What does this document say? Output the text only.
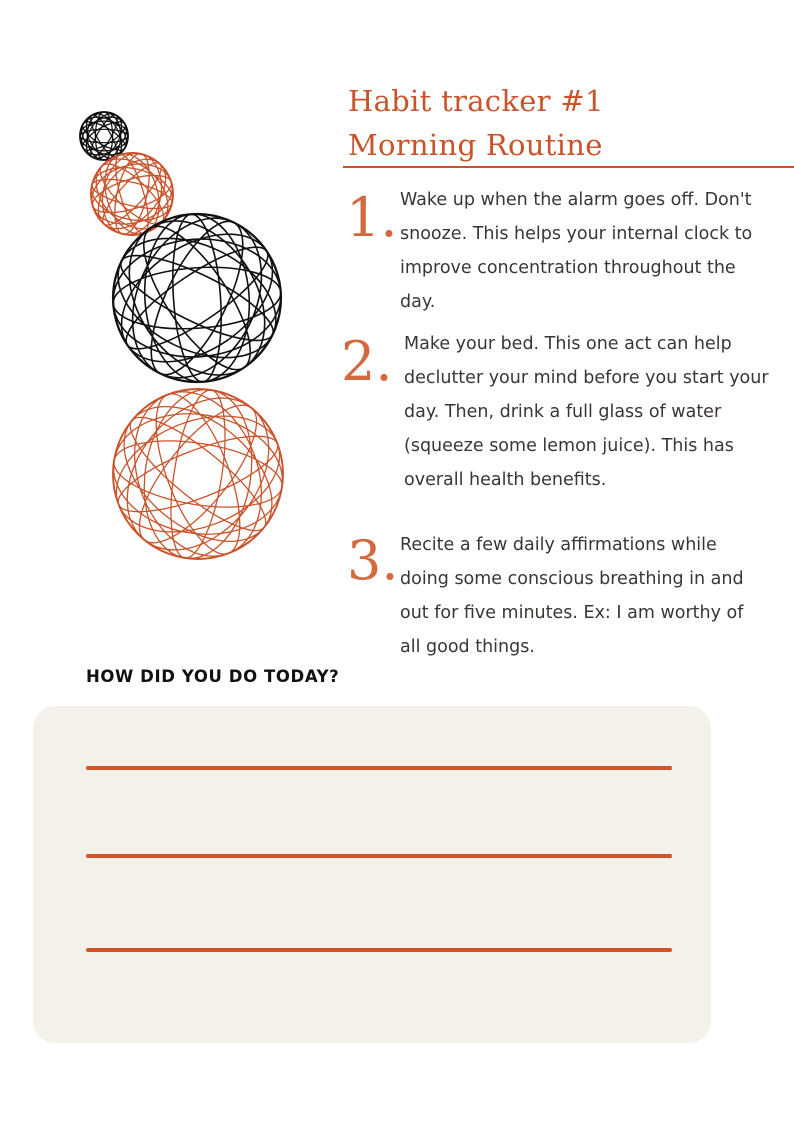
Habit tracker #1
Morning Routine
1. Wake up when the alarm goes off. Don't snooze. This helps your internal clock to improve concentration throughout the day.

2. Make your bed. This one act can help declutter your mind before you start your day. Then, drink a full glass of water (squeeze some lemon juice). This has overall health benefits.

3. Recite a few daily affirmations while doing some conscious breathing in and out for five minutes. Ex: I am worthy of all good things.

HOW DID YOU DO TODAY?
